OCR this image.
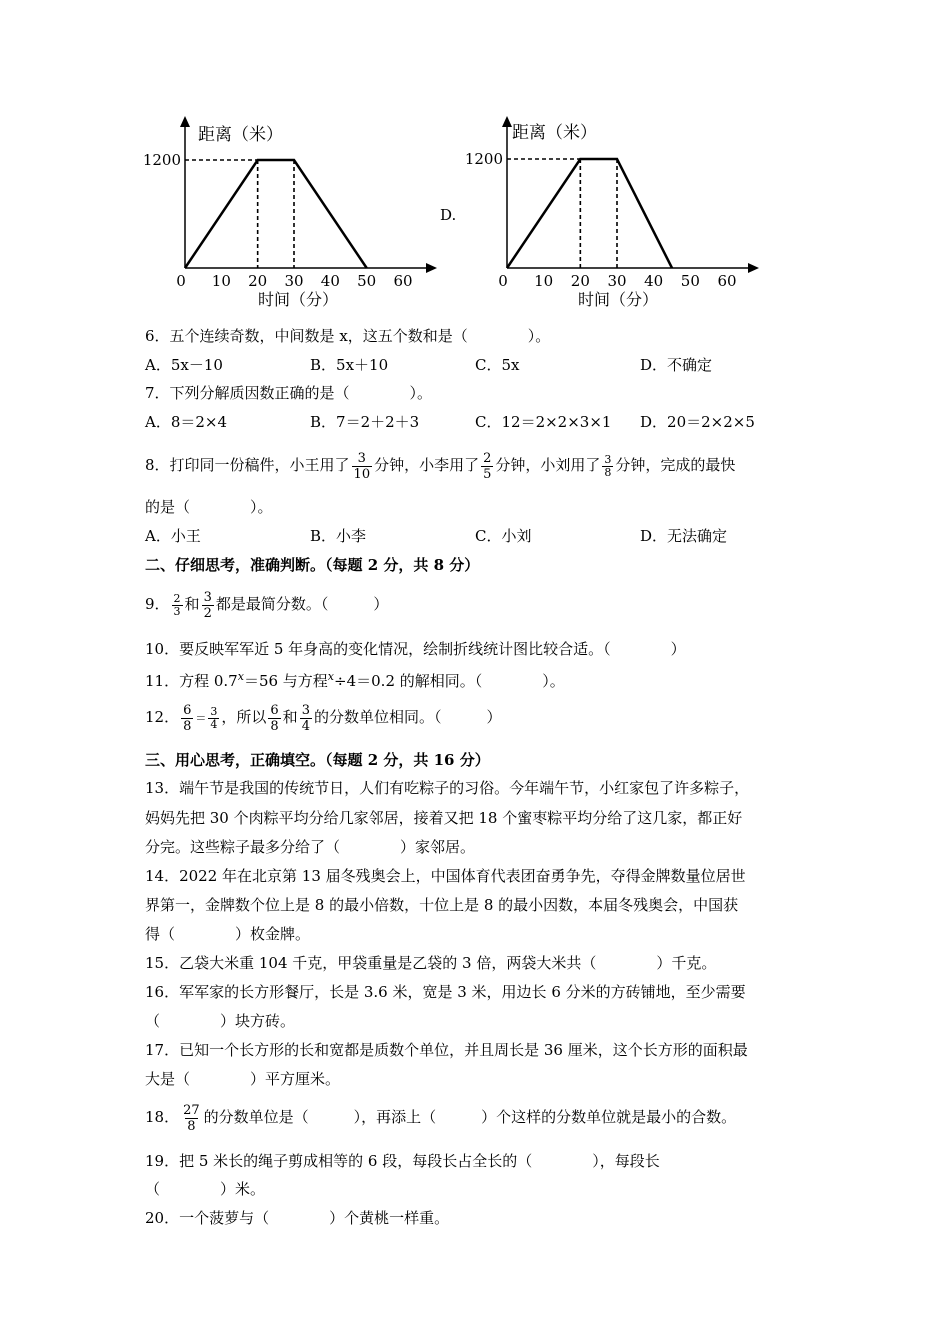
距离（米）
1200
时间（分）
0 10 20 30 40 50 60
D.
距离（米）
1200
时间（分）
0 10 20 30 40 50 60
6．五个连续奇数，中间数是 x，这五个数和是（　　　　）。
A．5x－10	B．5x＋10	C．5x	D．不确定
7．下列分解质因数正确的是（　　　　）。
A．8＝2×4	B．7＝2＋2＋3	C．12＝2×2×3×1 D．20＝2×2×5
8．打印同一份稿件，小王用了 $\frac{3}{10}$ 分钟，小李用了 $\frac{2}{5}$ 分钟，小刘用了 $\frac{3}{8}$ 分钟，完成的最快
的是（　　　　）。
A．小王	B．小李	C．小刘	D．无法确定
二、仔细思考，准确判断。（每题 2 分，共 8 分）
9． $\frac{2}{3}$ 和 $\frac{3}{2}$ 都是最简分数。（　　　）
10．要反映军军近 5 年身高的变化情况，绘制折线统计图比较合适。（　　　　）
11．方程 $0.7^x=56$ 与方程$^x$÷4＝0.2 的解相同。（　　　　）。
12． $\frac{6}{8} = \frac{3}{4}$ ，所以 $\frac{6}{8}$ 和 $\frac{3}{4}$ 的分数单位相同。（　　　）
三、用心思考，正确填空。（每题 2 分，共 16 分）
13．端午节是我国的传统节日，人们有吃粽子的习俗。今年端午节，小红家包了许多粽子，
妈妈先把 30 个肉粽平均分给几家邻居，接着又把 18 个蜜枣粽平均分给了这几家，都正好
分完。这些粽子最多分给了（　　　　）家邻居。
14．2022 年在北京第 13 届冬残奥会上，中国体育代表团奋勇争先，夺得金牌数量位居世
界第一，金牌数个位上是 8 的最小倍数，十位上是 8 的最小因数，本届冬残奥会，中国获
得（　　　　）枚金牌。
15．乙袋大米重 104 千克，甲袋重量是乙袋的 3 倍，两袋大米共（　　　　）千克。
16．军军家的长方形餐厅，长是 3.6 米，宽是 3 米，用边长 6 分米的方砖铺地，至少需要
（　　　　）块方砖。
17．已知一个长方形的长和宽都是质数个单位，并且周长是 36 厘米，这个长方形的面积最
大是（　　　　）平方厘米。
18． $\frac{27}{8}$ 的分数单位是（　　　），再添上（　　　）个这样的分数单位就是最小的合数。
19．把 5 米长的绳子剪成相等的 6 段，每段长占全长的（　　　　），每段长
（　　　　）米。
20．一个菠萝与（　　　　）个黄桃一样重。
